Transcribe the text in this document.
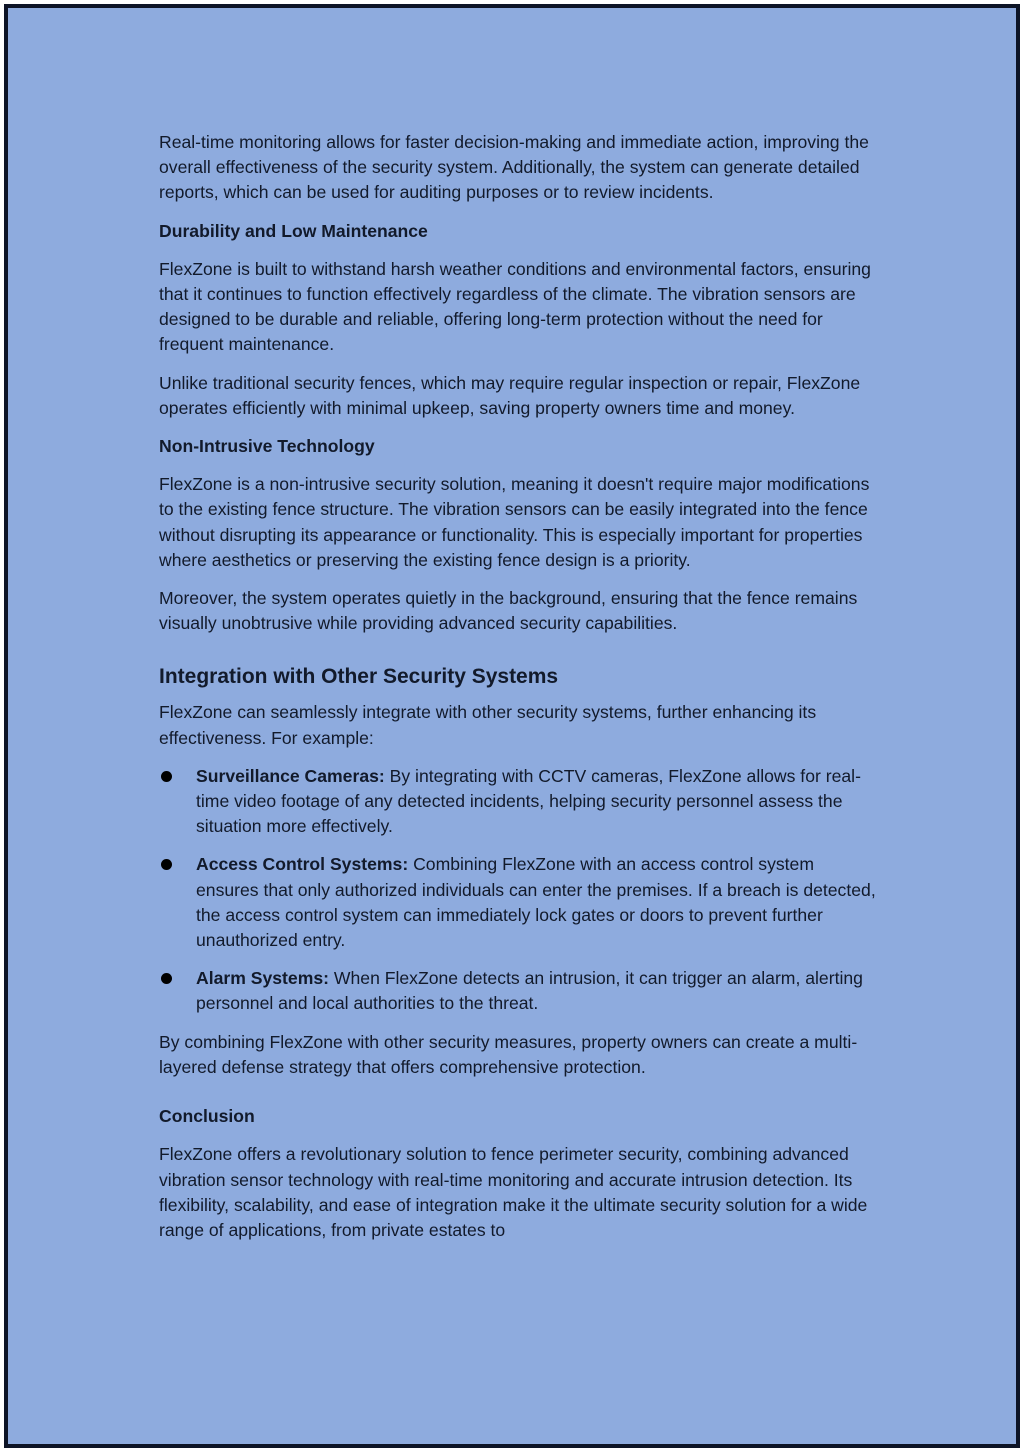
Real-time monitoring allows for faster decision-making and immediate action, improving the overall effectiveness of the security system. Additionally, the system can generate detailed reports, which can be used for auditing purposes or to review incidents.

Durability and Low Maintenance

FlexZone is built to withstand harsh weather conditions and environmental factors, ensuring that it continues to function effectively regardless of the climate. The vibration sensors are designed to be durable and reliable, offering long-term protection without the need for frequent maintenance.

Unlike traditional security fences, which may require regular inspection or repair, FlexZone operates efficiently with minimal upkeep, saving property owners time and money.

Non-Intrusive Technology

FlexZone is a non-intrusive security solution, meaning it doesn't require major modifications to the existing fence structure. The vibration sensors can be easily integrated into the fence without disrupting its appearance or functionality. This is especially important for properties where aesthetics or preserving the existing fence design is a priority.

Moreover, the system operates quietly in the background, ensuring that the fence remains visually unobtrusive while providing advanced security capabilities.

Integration with Other Security Systems

FlexZone can seamlessly integrate with other security systems, further enhancing its effectiveness. For example:

Surveillance Cameras: By integrating with CCTV cameras, FlexZone allows for real-time video footage of any detected incidents, helping security personnel assess the situation more effectively.
Access Control Systems: Combining FlexZone with an access control system ensures that only authorized individuals can enter the premises. If a breach is detected, the access control system can immediately lock gates or doors to prevent further unauthorized entry.
Alarm Systems: When FlexZone detects an intrusion, it can trigger an alarm, alerting personnel and local authorities to the threat.

By combining FlexZone with other security measures, property owners can create a multi-layered defense strategy that offers comprehensive protection.

Conclusion

FlexZone offers a revolutionary solution to fence perimeter security, combining advanced vibration sensor technology with real-time monitoring and accurate intrusion detection. Its flexibility, scalability, and ease of integration make it the ultimate security solution for a wide range of applications, from private estates to
